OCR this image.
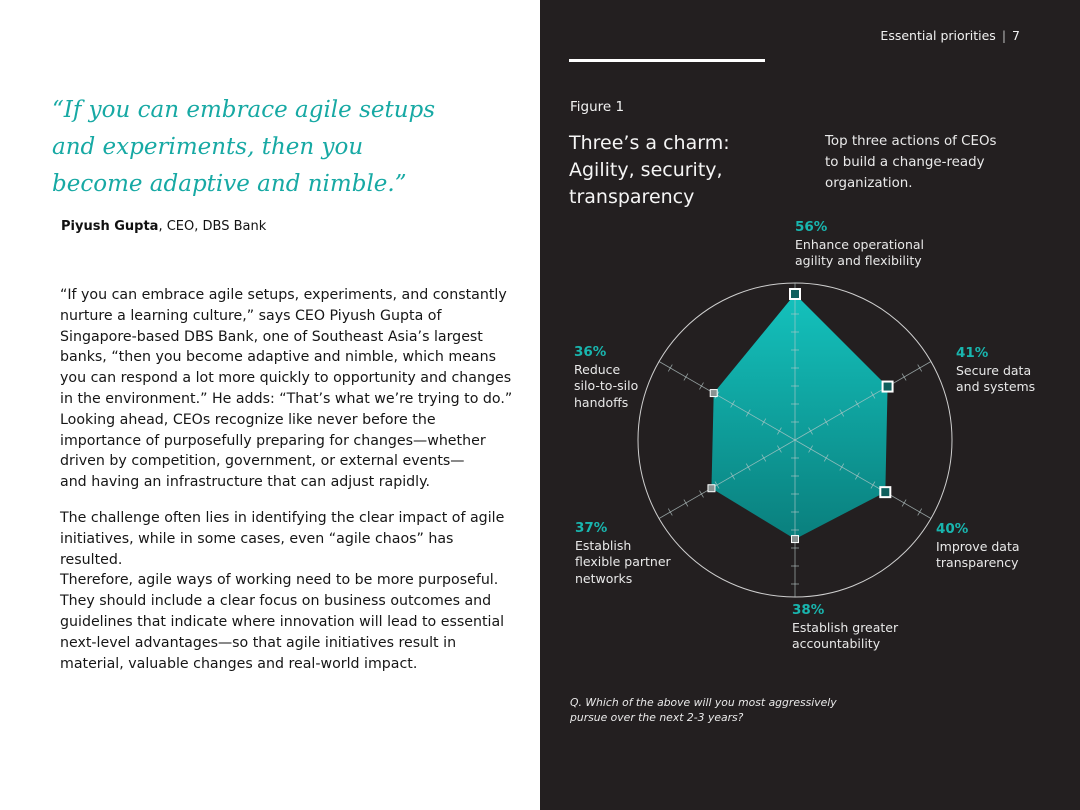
“If you can embrace agile setups
and experiments, then you
become adaptive and nimble.”
Piyush Gupta, CEO, DBS Bank
“If you can embrace agile setups, experiments, and constantly
nurture a learning culture,” says CEO Piyush Gupta of
Singapore-based DBS Bank, one of Southeast Asia’s largest
banks, “then you become adaptive and nimble, which means
you can respond a lot more quickly to opportunity and changes
in the environment.” He adds: “That’s what we’re trying to do.”
Looking ahead, CEOs recognize like never before the
importance of purposefully preparing for changes—whether
driven by competition, government, or external events—
and having an infrastructure that can adjust rapidly.
The challenge often lies in identifying the clear impact of agile
initiatives, while in some cases, even “agile chaos” has resulted.
Therefore, agile ways of working need to be more purposeful.
They should include a clear focus on business outcomes and
guidelines that indicate where innovation will lead to essential
next-level advantages—so that agile initiatives result in
material, valuable changes and real-world impact.
Essential priorities | 7
Figure 1
Three’s a charm:
Agility, security,
transparency
Top three actions of CEOs
to build a change-ready
organization.
56%
Enhance operational
agility and flexibility
41%
Secure data
and systems
40%
Improve data
transparency
38%
Establish greater
accountability
37%
Establish
flexible partner
networks
36%
Reduce
silo-to-silo
handoffs
Q. Which of the above will you most aggressively
pursue over the next 2-3 years?
